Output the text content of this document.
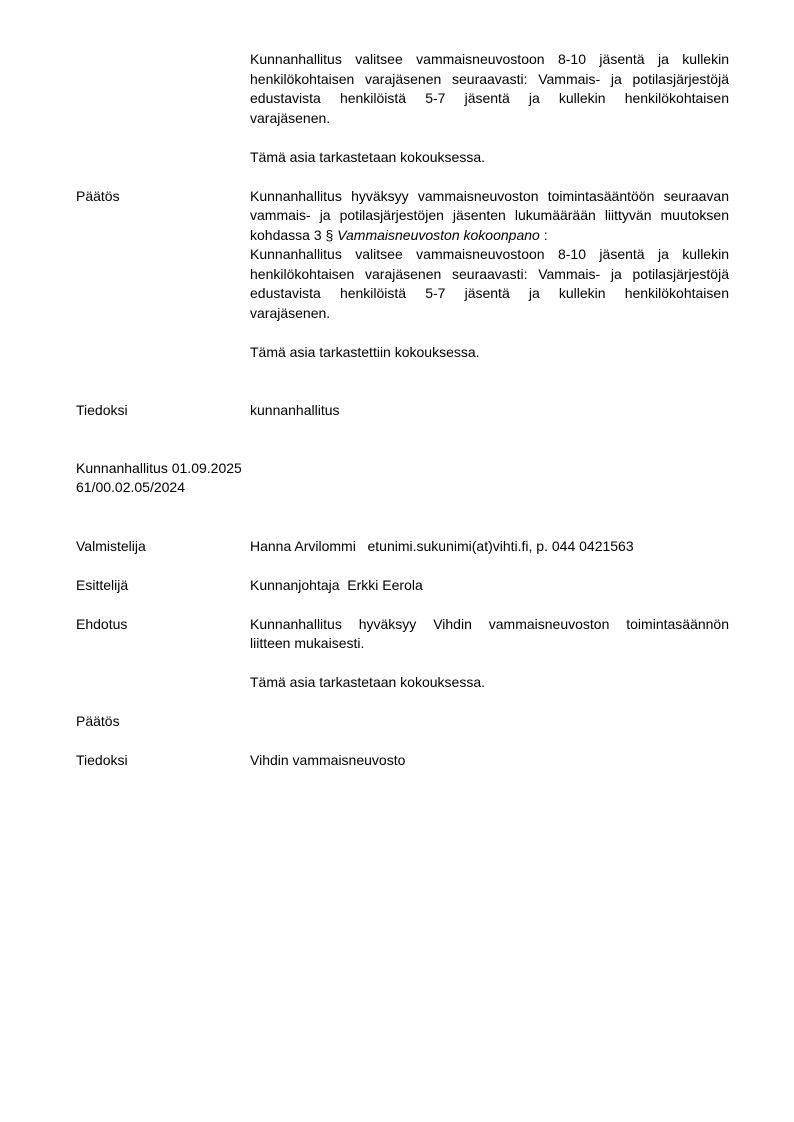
Kunnanhallitus valitsee vammaisneuvostoon 8-10 jäsentä ja kullekin
henkilökohtaisen varajäsenen seuraavasti: Vammais- ja potilasjärjestöjä
edustavista henkilöistä 5-7 jäsentä ja kullekin henkilökohtaisen
varajäsenen.
Tämä asia tarkastetaan kokouksessa.
Päätös	Kunnanhallitus hyväksyy vammaisneuvoston toimintasääntöön seuraavan
vammais- ja potilasjärjestöjen jäsenten lukumäärään liittyvän muutoksen
kohdassa 3 § Vammaisneuvoston kokoonpano :
Kunnanhallitus valitsee vammaisneuvostoon 8-10 jäsentä ja kullekin
henkilökohtaisen varajäsenen seuraavasti: Vammais- ja potilasjärjestöjä
edustavista henkilöistä 5-7 jäsentä ja kullekin henkilökohtaisen
varajäsenen.
Tämä asia tarkastettiin kokouksessa.
Tiedoksi	kunnanhallitus
Kunnanhallitus 01.09.2025
61/00.02.05/2024
Valmistelija	Hanna Arvilommi   etunimi.sukunimi(at)vihti.fi, p. 044 0421563
Esittelijä	Kunnanjohtaja  Erkki Eerola
Ehdotus	Kunnanhallitus hyväksyy Vihdin vammaisneuvoston toimintasäännön
liitteen mukaisesti.
Tämä asia tarkastetaan kokouksessa.
Päätös
Tiedoksi	Vihdin vammaisneuvosto
